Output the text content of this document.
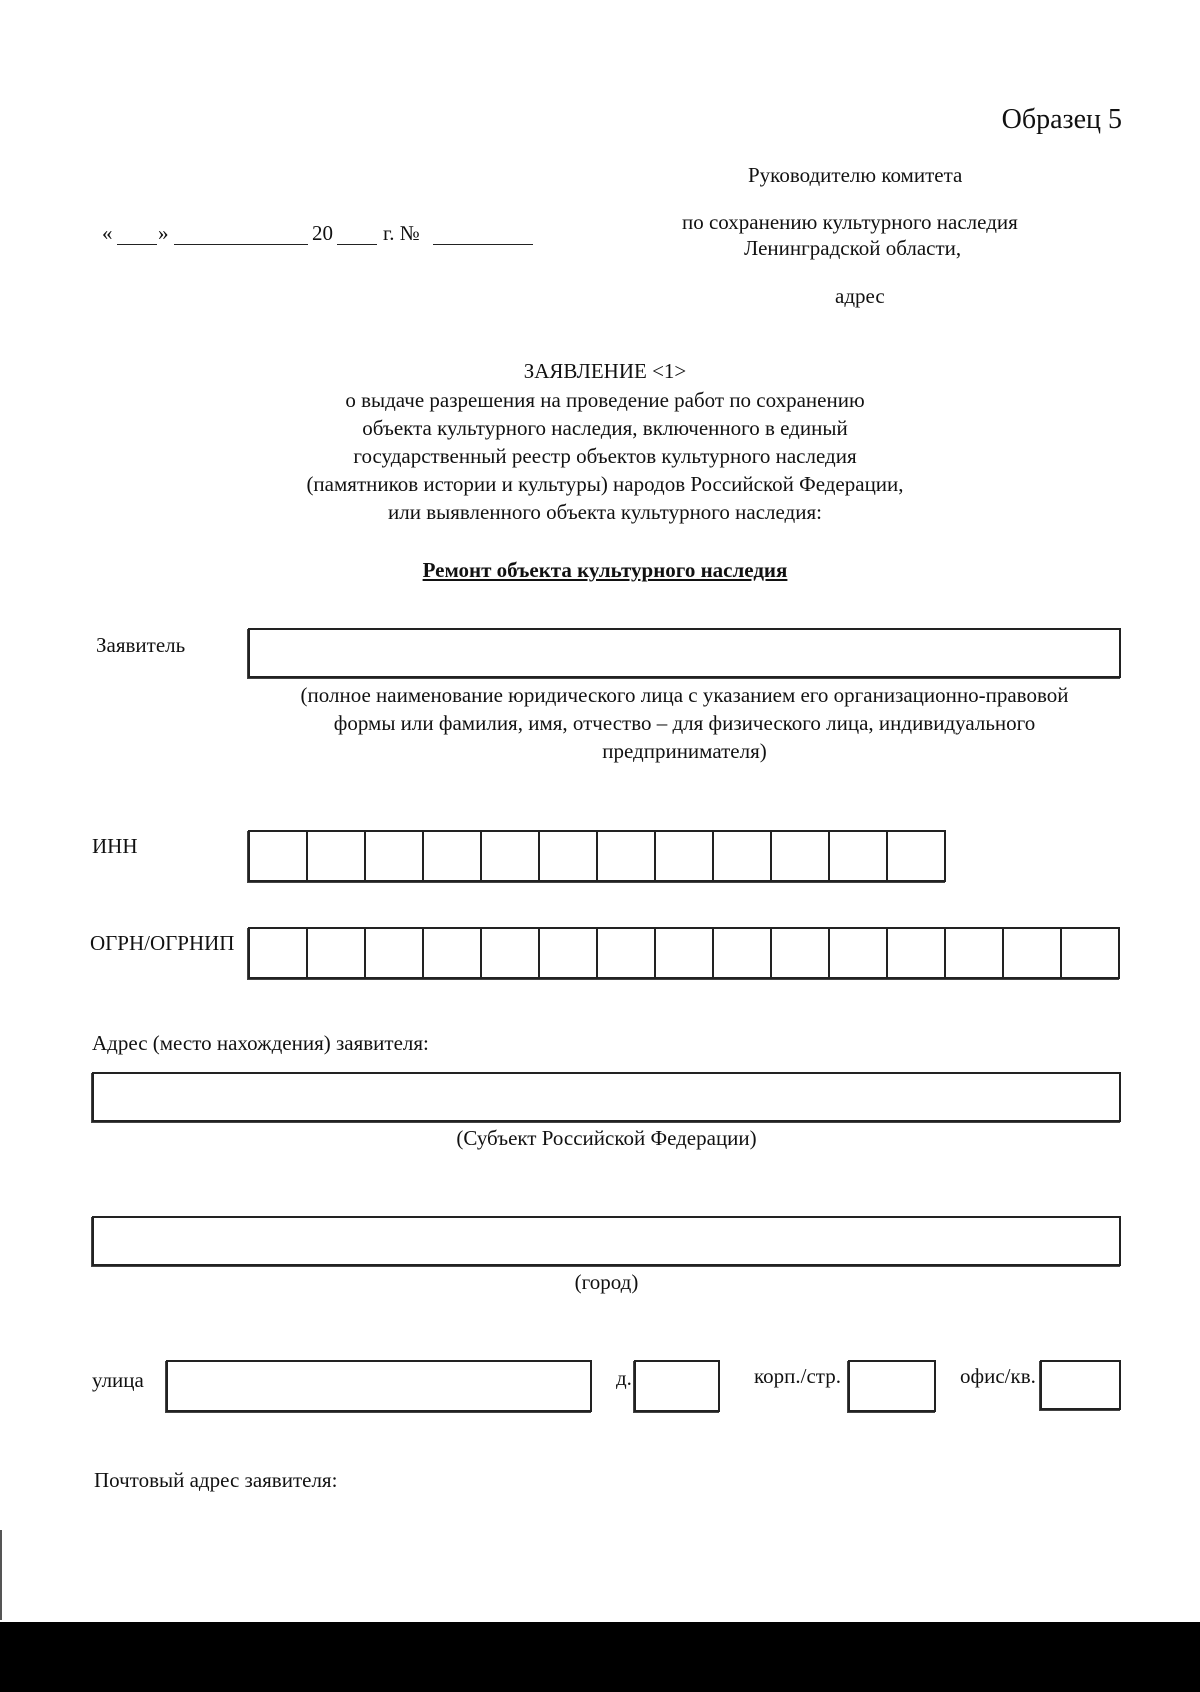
Образец 5
Руководителю комитета
по сохранению культурного наследия
Ленинградской области,
адрес
« »	20 г. №
ЗАЯВЛЕНИЕ <1>
о выдаче разрешения на проведение работ по сохранению
объекта культурного наследия, включенного в единый
государственный реестр объектов культурного наследия
(памятников истории и культуры) народов Российской Федерации,
или выявленного объекта культурного наследия:
Ремонт объекта культурного наследия
Заявитель
(полное наименование юридического лица с указанием его организационно-правовой
формы или фамилия, имя, отчество – для физического лица, индивидуального
предпринимателя)
ИНН
ОГРН/ОГРНИП
Адрес (место нахождения) заявителя:
(Субъект Российской Федерации)
(город)
улица	д.	корп./стр.	офис/кв.
Почтовый адрес заявителя:
